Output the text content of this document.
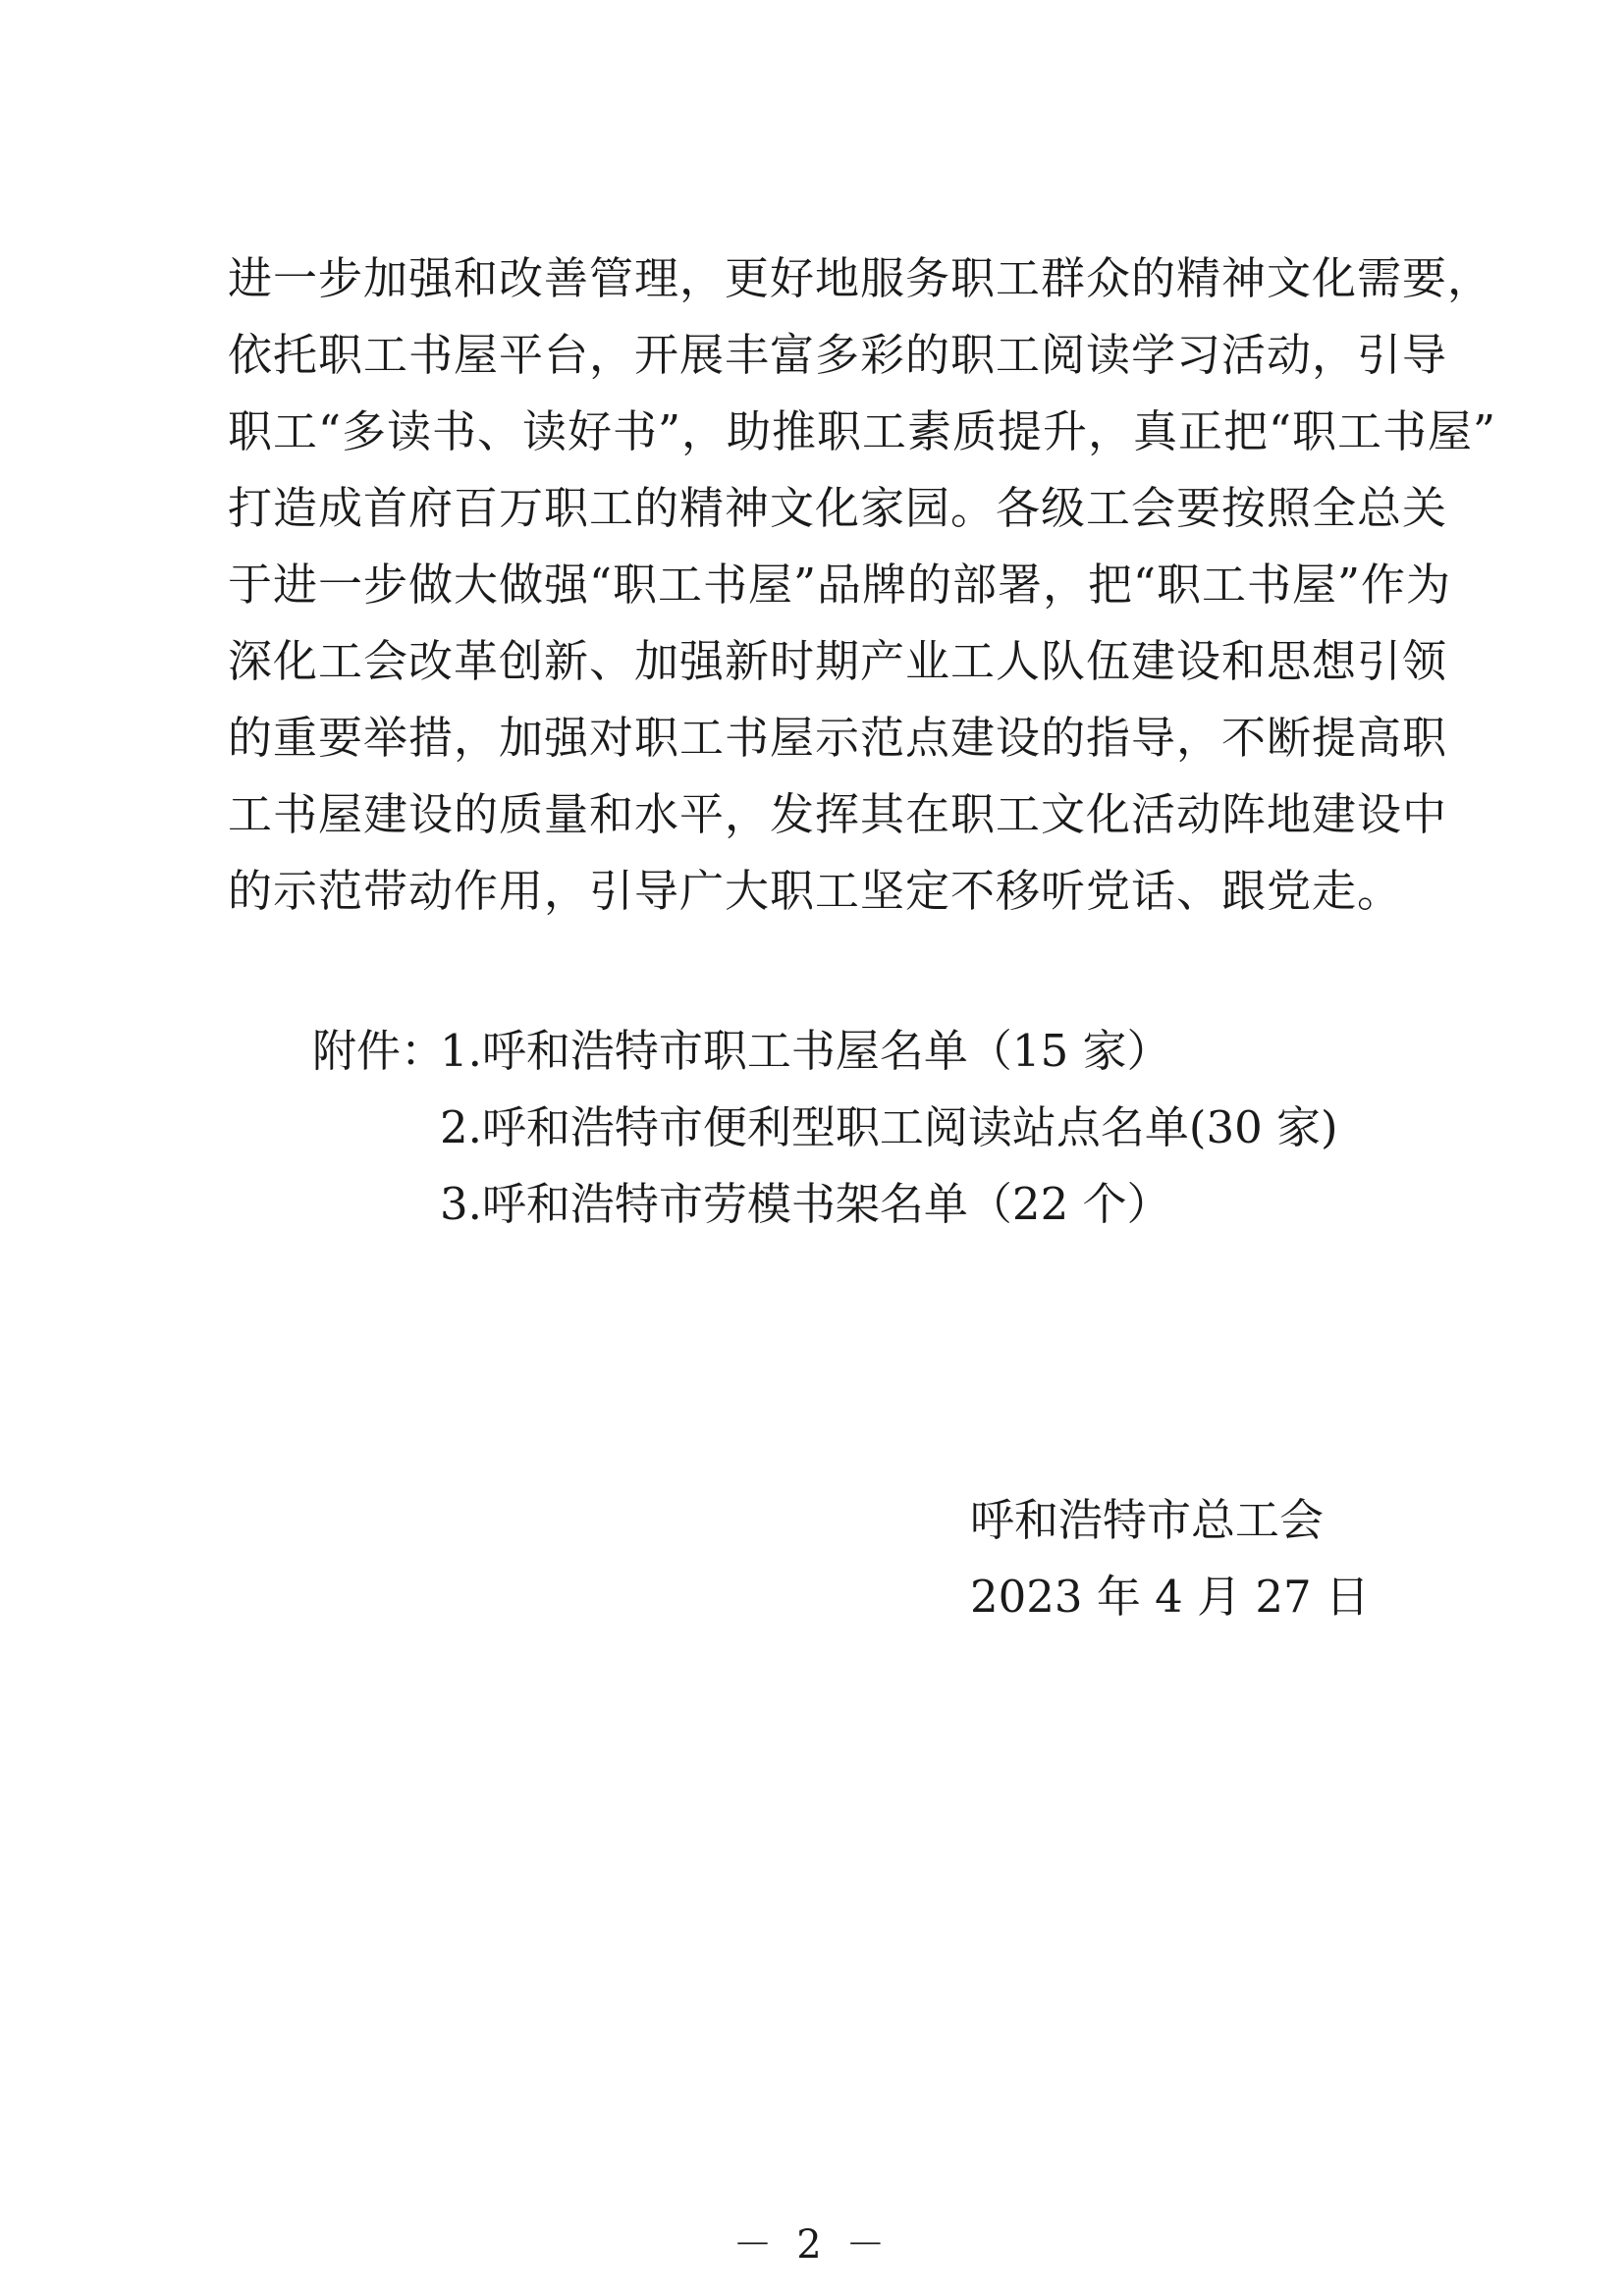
进一步加强和改善管理，更好地服务职工群众的精神文化需要，
依托职工书屋平台，开展丰富多彩的职工阅读学习活动，引导
职工“多读书、读好书”，助推职工素质提升，真正把“职工书屋”
打造成首府百万职工的精神文化家园。各级工会要按照全总关
于进一步做大做强“职工书屋”品牌的部署，把“职工书屋”作为
深化工会改革创新、加强新时期产业工人队伍建设和思想引领
的重要举措，加强对职工书屋示范点建设的指导，不断提高职
工书屋建设的质量和水平，发挥其在职工文化活动阵地建设中
的示范带动作用，引导广大职工坚定不移听党话、跟党走。
附件：
1.呼和浩特市职工书屋名单（15 家）
2.呼和浩特市便利型职工阅读站点名单(30 家)
3.呼和浩特市劳模书架名单（22 个）
呼和浩特市总工会
2023 年 4 月 27 日
－ 2 －
